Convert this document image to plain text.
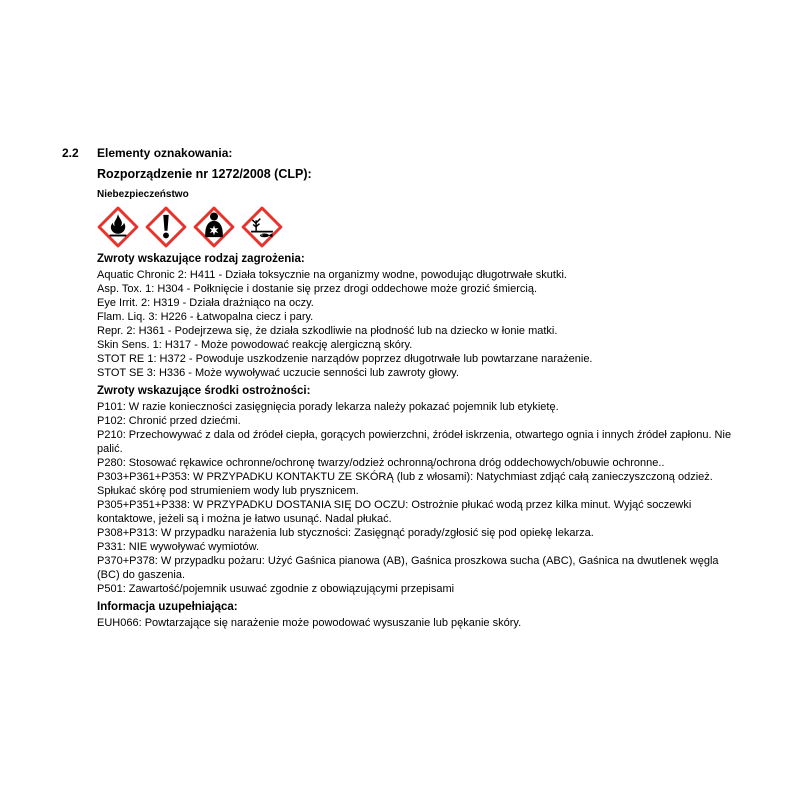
2.2	Elementy oznakowania:
Rozporządzenie nr 1272/2008 (CLP):
Niebezpieczeństwo
Zwroty wskazujące rodzaj zagrożenia:

Aquatic Chronic 2: H411 - Działa toksycznie na organizmy wodne, powodując długotrwałe skutki.

Asp. Tox. 1: H304 - Połknięcie i dostanie się przez drogi oddechowe może grozić śmiercią.

Eye Irrit. 2: H319 - Działa drażniąco na oczy.

Flam. Liq. 3: H226 - Łatwopalna ciecz i pary.

Repr. 2: H361 - Podejrzewa się, że działa szkodliwie na płodność lub na dziecko w łonie matki.

Skin Sens. 1: H317 - Może powodować reakcję alergiczną skóry.

STOT RE 1: H372 - Powoduje uszkodzenie narządów poprzez długotrwałe lub powtarzane narażenie.

STOT SE 3: H336 - Może wywoływać uczucie senności lub zawroty głowy.

Zwroty wskazujące środki ostrożności:

P101: W razie konieczności zasięgnięcia porady lekarza należy pokazać pojemnik lub etykietę.

P102: Chronić przed dziećmi.

P210: Przechowywać z dala od źródeł ciepła, gorących powierzchni, źródeł iskrzenia, otwartego ognia i innych źródeł zapłonu. Nie palić.

P280: Stosować rękawice ochronne/ochronę twarzy/odzież ochronną/ochrona dróg oddechowych/obuwie ochronne..

P303+P361+P353: W PRZYPADKU KONTAKTU ZE SKÓRĄ (lub z włosami): Natychmiast zdjąć całą zanieczyszczoną odzież. Spłukać skórę pod strumieniem wody lub prysznicem.

P305+P351+P338: W PRZYPADKU DOSTANIA SIĘ DO OCZU: Ostrożnie płukać wodą przez kilka minut. Wyjąć soczewki kontaktowe, jeżeli są i można je łatwo usunąć. Nadal płukać.

P308+P313: W przypadku narażenia lub styczności: Zasięgnąć porady/zgłosić się pod opiekę lekarza.

P331: NIE wywoływać wymiotów.

P370+P378: W przypadku pożaru: Użyć Gaśnica pianowa (AB), Gaśnica proszkowa sucha (ABC), Gaśnica na dwutlenek węgla (BC) do gaszenia.

P501: Zawartość/pojemnik usuwać zgodnie z obowiązującymi przepisami

Informacja uzupełniająca:

EUH066: Powtarzające się narażenie może powodować wysuszanie lub pękanie skóry.
